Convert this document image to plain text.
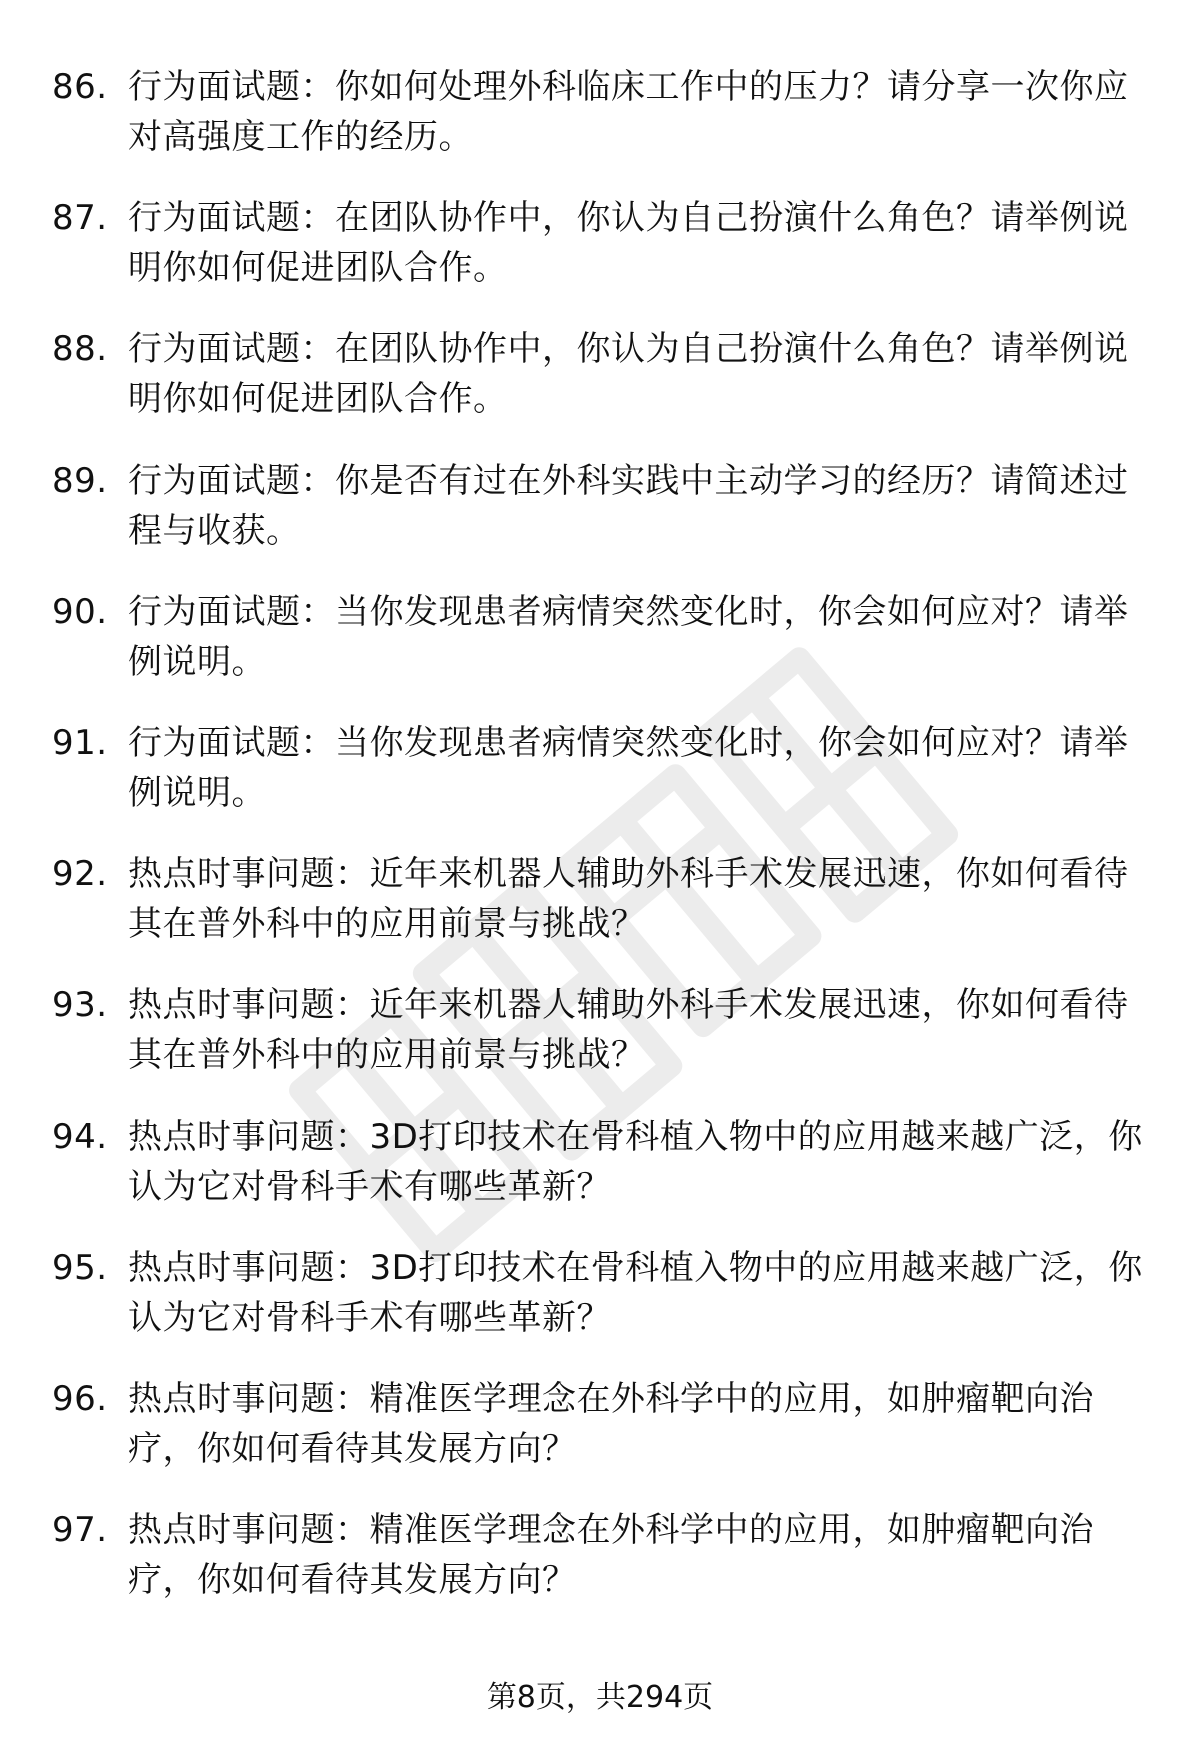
86. 行为面试题：你如何处理外科临床工作中的压力？请分享一次你应对高强度工作的经历。
87. 行为面试题：在团队协作中，你认为自己扮演什么角色？请举例说明你如何促进团队合作。
88. 行为面试题：在团队协作中，你认为自己扮演什么角色？请举例说明你如何促进团队合作。
89. 行为面试题：你是否有过在外科实践中主动学习的经历？请简述过程与收获。
90. 行为面试题：当你发现患者病情突然变化时，你会如何应对？请举例说明。
91. 行为面试题：当你发现患者病情突然变化时，你会如何应对？请举例说明。
92. 热点时事问题：近年来机器人辅助外科手术发展迅速，你如何看待其在普外科中的应用前景与挑战？
93. 热点时事问题：近年来机器人辅助外科手术发展迅速，你如何看待其在普外科中的应用前景与挑战？
94. 热点时事问题：3D打印技术在骨科植入物中的应用越来越广泛，你认为它对骨科手术有哪些革新？
95. 热点时事问题：3D打印技术在骨科植入物中的应用越来越广泛，你认为它对骨科手术有哪些革新？
96. 热点时事问题：精准医学理念在外科学中的应用，如肿瘤靶向治疗，你如何看待其发展方向？
97. 热点时事问题：精准医学理念在外科学中的应用，如肿瘤靶向治疗，你如何看待其发展方向？
第8页，共294页
